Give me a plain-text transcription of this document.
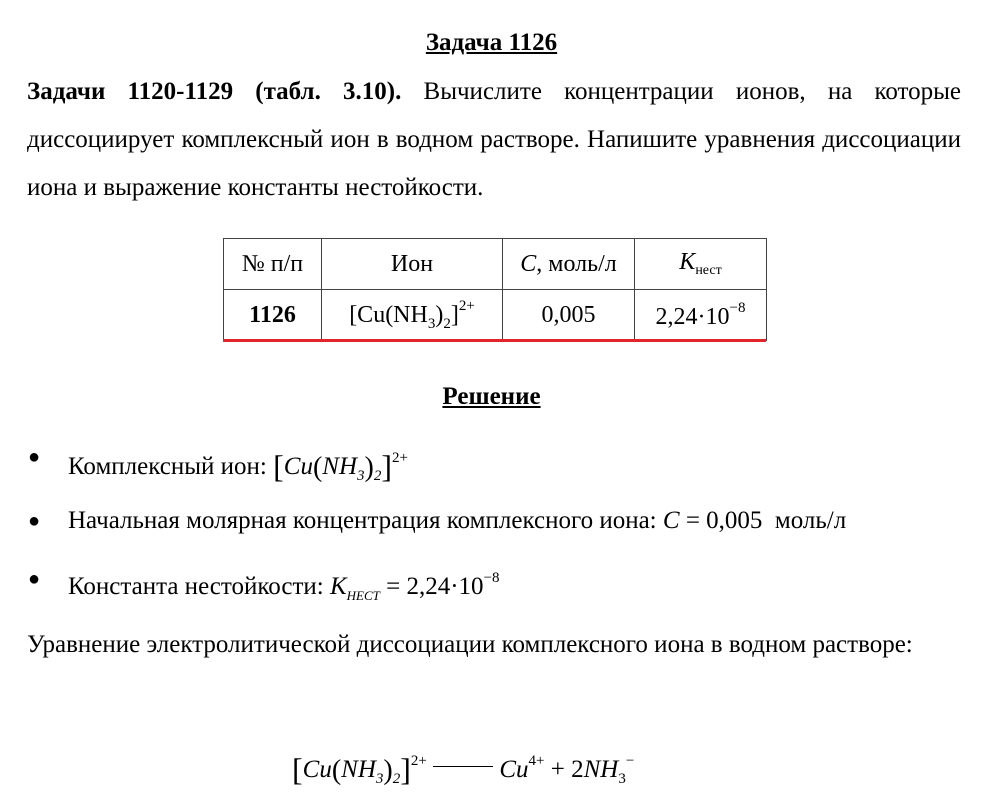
Задача 1126
Задачи 1120-1129 (табл. 3.10). Вычислите концентрации ионов, на которые диссоциирует комплексный ион в водном растворе. Напишите уравнения диссоциации иона и выражение константы нестойкости.
№ п/п	Ион	C, моль/л	$K_{нест}$
1126	$[Cu(NH_3)_2]^{2+}$	0,005	$2,24\cdot 10^{-8}$
Решение
● Комплексный ион: $[Cu(NH_3)_2]^{2+}$
● Начальная молярная концентрация комплексного иона: C = 0,005  моль/л
● Константа нестойкости: $K_{НЕСТ} = 2,24\cdot 10^{-8}$
Уравнение электролитической диссоциации комплексного иона в водном растворе:
$[Cu(NH_3)_2]^{2+}$	$Cu^{4+} + 2NH_3^-$
